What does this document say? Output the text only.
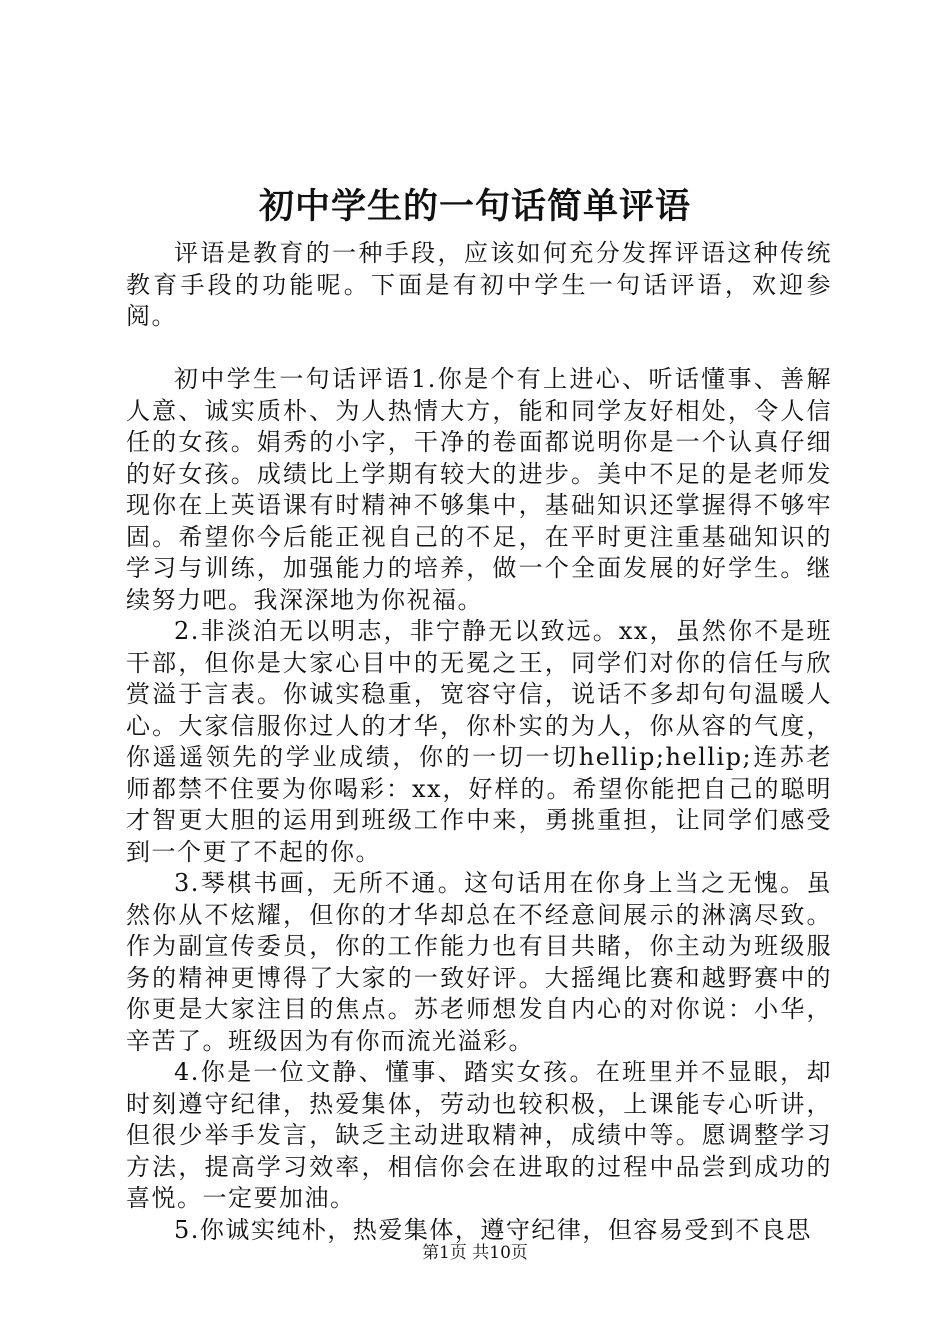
初中学生的一句话简单评语

评语是教育的一种手段，应该如何充分发挥评语这种传统教育手段的功能呢。下面是有初中学生一句话评语，欢迎参阅。

初中学生一句话评语1.你是个有上进心、听话懂事、善解人意、诚实质朴、为人热情大方，能和同学友好相处，令人信任的女孩。娟秀的小字，干净的卷面都说明你是一个认真仔细的好女孩。成绩比上学期有较大的进步。美中不足的是老师发现你在上英语课有时精神不够集中，基础知识还掌握得不够牢固。希望你今后能正视自己的不足，在平时更注重基础知识的学习与训练，加强能力的培养，做一个全面发展的好学生。继续努力吧。我深深地为你祝福。

2.非淡泊无以明志，非宁静无以致远。xx，虽然你不是班干部，但你是大家心目中的无冕之王，同学们对你的信任与欣赏溢于言表。你诚实稳重，宽容守信，说话不多却句句温暖人心。大家信服你过人的才华，你朴实的为人，你从容的气度，你遥遥领先的学业成绩，你的一切一切hellip;hellip;连苏老师都禁不住要为你喝彩：xx，好样的。希望你能把自己的聪明才智更大胆的运用到班级工作中来，勇挑重担，让同学们感受到一个更了不起的你。

3.琴棋书画，无所不通。这句话用在你身上当之无愧。虽然你从不炫耀，但你的才华却总在不经意间展示的淋漓尽致。作为副宣传委员，你的工作能力也有目共睹，你主动为班级服务的精神更博得了大家的一致好评。大摇绳比赛和越野赛中的你更是大家注目的焦点。苏老师想发自内心的对你说：小华，辛苦了。班级因为有你而流光溢彩。

4.你是一位文静、懂事、踏实女孩。在班里并不显眼，却时刻遵守纪律，热爱集体，劳动也较积极，上课能专心听讲，但很少举手发言，缺乏主动进取精神，成绩中等。愿调整学习方法，提高学习效率，相信你会在进取的过程中品尝到成功的喜悦。一定要加油。

5.你诚实纯朴，热爱集体，遵守纪律，但容易受到不良思

第1页 共10页
